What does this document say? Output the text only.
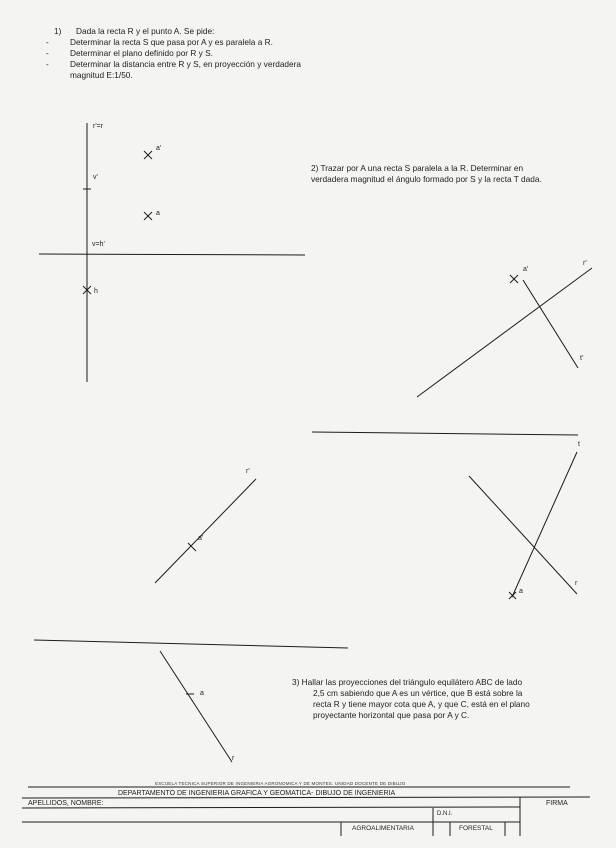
1) Dada la recta R y el punto A. Se pide:
-	Determinar la recta S que pasa por A y es paralela a R.
-	Determinar el plano definido por R y S.
-	Determinar la distancia entre R y S, en proyección y verdadera
magnitud E:1/50.
2) Trazar por A una recta S paralela a la R. Determinar en
verdadera magnitud el ángulo formado por S y la recta T dada.
3) Hallar las proyecciones del triángulo equilátero ABC de lado
2,5 cm sabiendo que A es un vértice, que B está sobre la
recta R y tiene mayor cota que A, y que C, está en el plano
proyectante horizontal que pasa por A y C.
r'=r
v'
v=h'
h
a'
a
a'
r'
t'
t
r
a
r'
a'
a
r
ESCUELA TECNICA SUPERIOR DE INGENIERIA AGRONOMICA Y DE MONTES. UNIDAD DOCENTE DE DIBUJO
DEPARTAMENTO DE INGENIERIA GRAFICA Y GEOMATICA- DIBUJO DE INGENIERIA
FIRMA
APELLIDOS, NOMBRE:
D.N.I.
AGROALIMENTARIA	FORESTAL
